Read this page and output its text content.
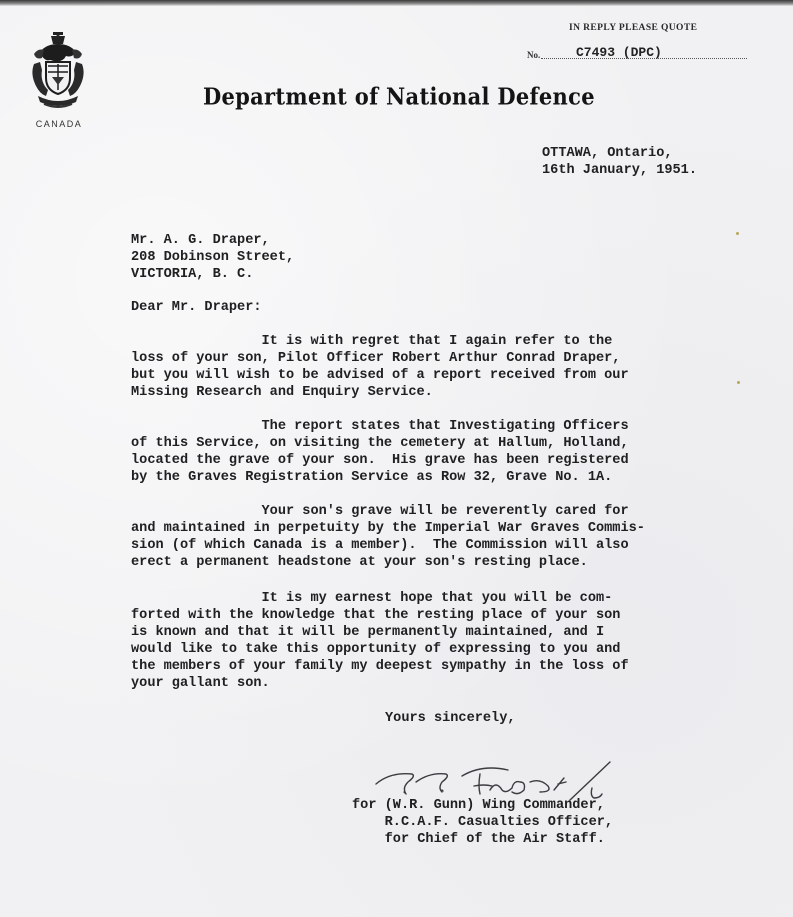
CANADA
Department of National Defence
IN REPLY PLEASE QUOTE
No.	C7493 (DPC)
OTTAWA, Ontario,
16th January, 1951.
Mr. A. G. Draper,
208 Dobinson Street,
VICTORIA, B. C.
Dear Mr. Draper:
It is with regret that I again refer to the
loss of your son, Pilot Officer Robert Arthur Conrad Draper,
but you will wish to be advised of a report received from our
Missing Research and Enquiry Service.
The report states that Investigating Officers
of this Service, on visiting the cemetery at Hallum, Holland,
located the grave of your son.  His grave has been registered
by the Graves Registration Service as Row 32, Grave No. 1A.
Your son's grave will be reverently cared for
and maintained in perpetuity by the Imperial War Graves Commis-
sion (of which Canada is a member).  The Commission will also
erect a permanent headstone at your son's resting place.
It is my earnest hope that you will be com-
forted with the knowledge that the resting place of your son
is known and that it will be permanently maintained, and I
would like to take this opportunity of expressing to you and
the members of your family my deepest sympathy in the loss of
your gallant son.
Yours sincerely,
for (W.R. Gunn) Wing Commander,
R.C.A.F. Casualties Officer,
for Chief of the Air Staff.
